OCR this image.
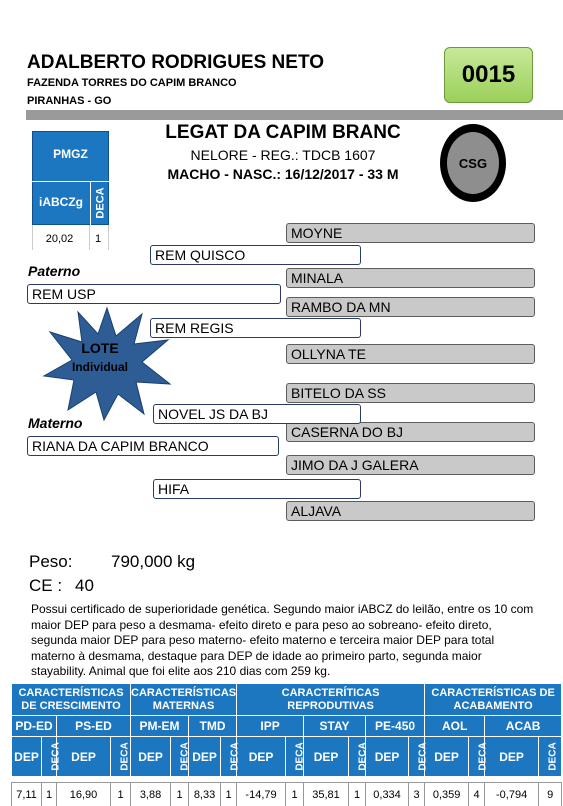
ADALBERTO RODRIGUES NETO
FAZENDA TORRES DO CAPIM BRANCO
PIRANHAS - GO
0015
PMGZ
iABCZg	DECA
20,02	1
LEGAT DA CAPIM BRANC
NELORE - REG.: TDCB 1607
MACHO - NASC.: 16/12/2017 - 33 M
CSG
MOYNE
MINALA
RAMBO DA MN
OLLYNA TE
BITELO DA SS
CASERNA DO BJ
JIMO DA J GALERA
ALJAVA
REM QUISCO
REM REGIS
NOVEL JS DA BJ
HIFA
Paterno
REM USP
Materno
RIANA DA CAPIM BRANCO
LOTE
Individual
Peso: 790,000 kg
CE : 40
Possui certificado de superioridade genética. Segundo maior iABCZ do leilão, entre os 10 com maior DEP para peso a desmama- efeito direto e para peso ao sobreano- efeito direto, segunda maior DEP para peso materno- efeito materno e terceira maior DEP para total materno à desmama, destaque para DEP de idade ao primeiro parto, segunda maior stayability. Animal que foi elite aos 210 dias com 259 kg.
CARACTERÍSTICAS DE CRESCIMENTO				CARACTERÍSTICAS MATERNAS				CARACTERÍTICAS REPRODUTIVAS						CARACTERÍSTICAS DE ACABAMENTO			
PD-ED		PS-ED		PM-EM		TMD		IPP		STAY		PE-450		AOL		ACAB	
DEP	DECA	DEP	DECA	DEP	DECA	DEP	DECA	DEP	DECA	DEP	DECA	DEP	DECA	DEP	DECA	DEP	DECA

7,11	1	16,90	1	3,88	1	8,33	1	-14,79	1	35,81	1	0,334	3	0,359	4	-0,794	9
